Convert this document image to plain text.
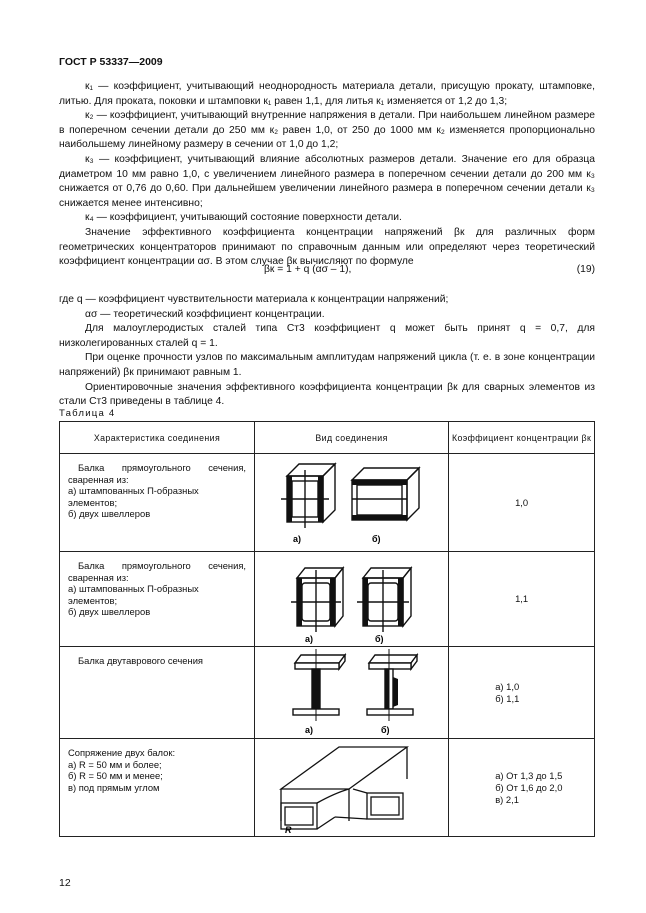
ГОСТ Р 53337—2009

к₁ — коэффициент, учитывающий неоднородность материала детали, присущую прокату, штамповке, литью. Для проката, поковки и штамповки к₁ равен 1,1, для литья к₁ изменяется от 1,2 до 1,3;

к₂ — коэффициент, учитывающий внутренние напряжения в детали. При наибольшем линейном размере в поперечном сечении детали до 250 мм к₂ равен 1,0, от 250 до 1000 мм к₂ изменяется пропорционально наибольшему линейному размеру в сечении от 1,0 до 1,2;

к₃ — коэффициент, учитывающий влияние абсолютных размеров детали. Значение его для образца диаметром 10 мм равно 1,0, с увеличением линейного размера в поперечном сечении детали до 200 мм к₃ снижается от 0,76 до 0,60. При дальнейшем увеличении линейного размера в поперечном сечении детали к₃ снижается менее интенсивно;

к₄ — коэффициент, учитывающий состояние поверхности детали.

Значение эффективного коэффициента концентрации напряжений βк для различных форм геометрических концентраторов принимают по справочным данным или определяют через теоретический коэффициент концентрации ασ. В этом случае βк вычисляют по формуле

βк = 1 + q (ασ – 1),	(19)

где q — коэффициент чувствительности материала к концентрации напряжений;

ασ — теоретический коэффициент концентрации.

Для малоуглеродистых сталей типа Ст3 коэффициент q может быть принят q = 0,7, для низколегированных сталей q = 1.

При оценке прочности узлов по максимальным амплитудам напряжений цикла (т. е. в зоне концентрации напряжений) βк принимают равным 1.

Ориентировочные значения эффективного коэффициента концентрации βк для сварных элементов из стали Ст3 приведены в таблице 4.

Таблица 4
Характеристика соединения	Вид соединения	Коэффициент концентрации βк

Балка прямоугольного сечения, сваренная из:
а) штампованных П-образных элементов;
б) двух швеллеров	а) б)	1,0

Балка прямоугольного сечения, сваренная из:
а) штампованных П-образных элементов;
б) двух швеллеров	а) б)	1,1

Балка двутаврового сечения	а) б)	а) 1,0
б) 1,1

Сопряжение двух балок:
а) R = 50 мм и более;
б) R = 50 мм и менее;
в) под прямым углом	R	а) От 1,3 до 1,5
б) От 1,6 до 2,0
в) 2,1
12
